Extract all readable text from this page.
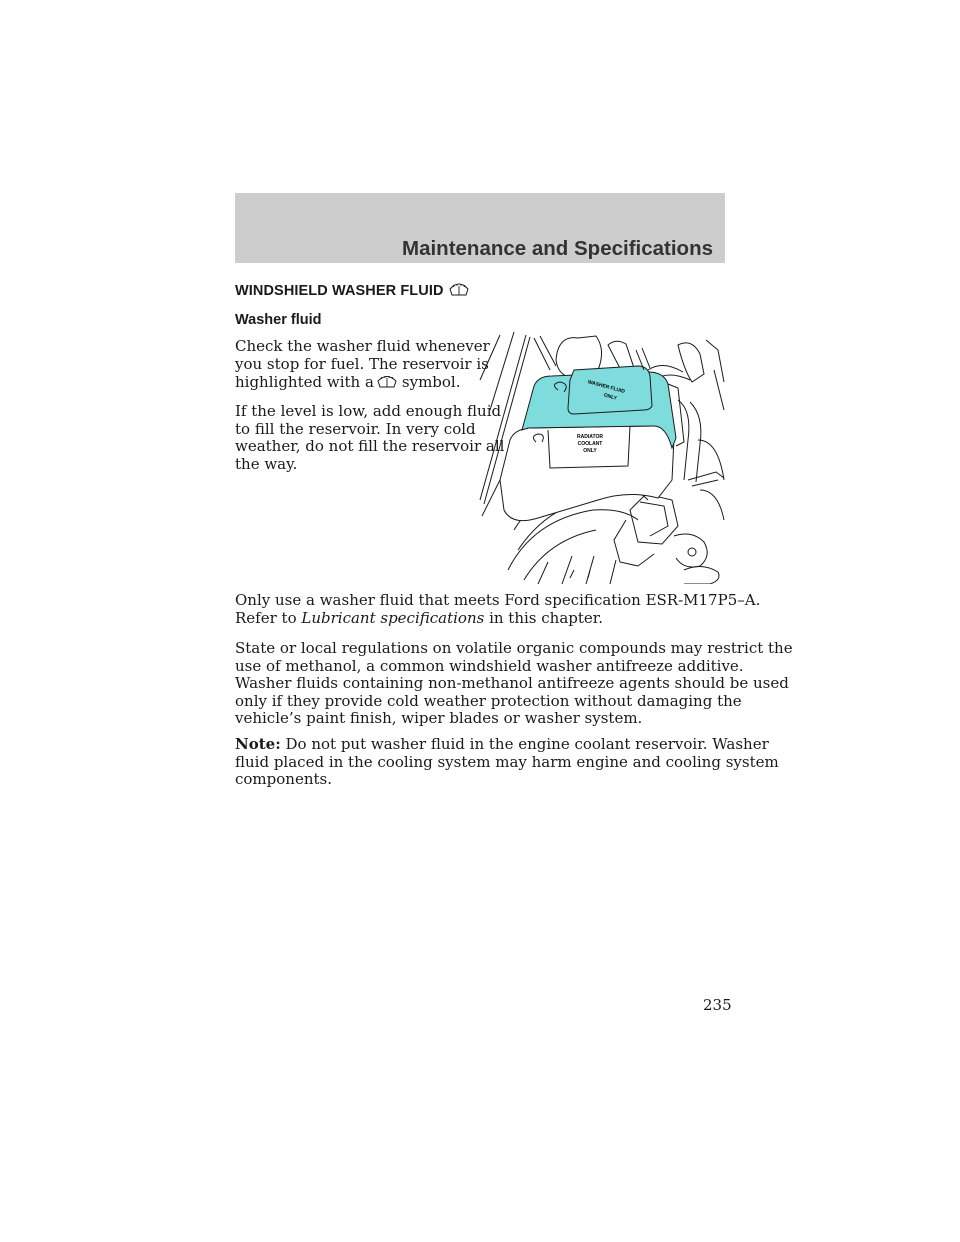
Maintenance and Specifications
WINDSHIELD WASHER FLUID
Washer fluid

Check the washer fluid whenever
you stop for fuel. The reservoir is
highlighted with a symbol.

If the level is low, add enough fluid
to fill the reservoir. In very cold
weather, do not fill the reservoir all
the way.

WASHER FLUID
ONLY
RADIATOR
COOLANT
ONLY

Only use a washer fluid that meets Ford specification ESR-M17P5–A.
Refer to Lubricant specifications in this chapter.

State or local regulations on volatile organic compounds may restrict the
use of methanol, a common windshield washer antifreeze additive.
Washer fluids containing non-methanol antifreeze agents should be used
only if they provide cold weather protection without damaging the
vehicle’s paint finish, wiper blades or washer system.

Note: Do not put washer fluid in the engine coolant reservoir. Washer
fluid placed in the cooling system may harm engine and cooling system
components.

235
